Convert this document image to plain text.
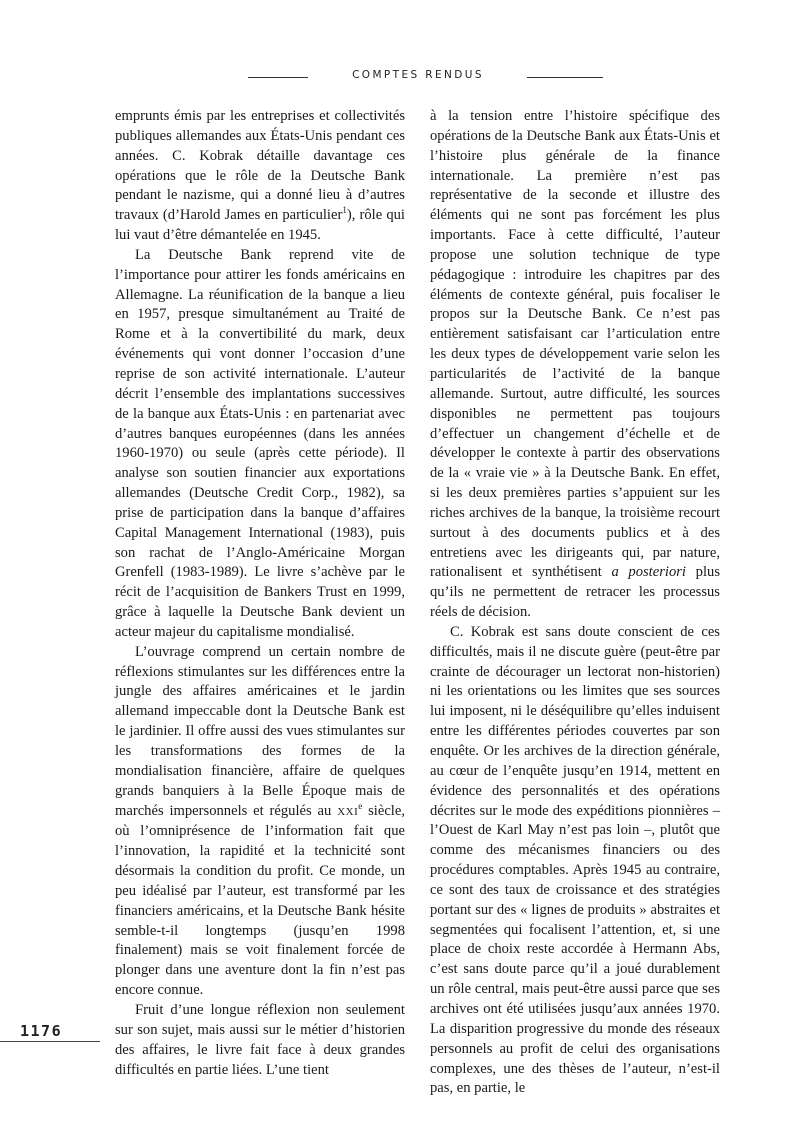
COMPTES RENDUS

emprunts émis par les entreprises et collectivités publiques allemandes aux États-Unis pendant ces années. C. Kobrak détaille davantage ces opérations que le rôle de la Deutsche Bank pendant le nazisme, qui a donné lieu à d’autres travaux (d’Harold James en particulier$^1$), rôle qui lui vaut d’être démantelée en 1945.

La Deutsche Bank reprend vite de l’importance pour attirer les fonds américains en Allemagne. La réunification de la banque a lieu en 1957, presque simultanément au Traité de Rome et à la convertibilité du mark, deux événements qui vont donner l’occasion d’une reprise de son activité internationale. L’auteur décrit l’ensemble des implantations successives de la banque aux États-Unis : en partenariat avec d’autres banques européennes (dans les années 1960-1970) ou seule (après cette période). Il analyse son soutien financier aux exportations allemandes (Deutsche Credit Corp., 1982), sa prise de participation dans la banque d’affaires Capital Management International (1983), puis son rachat de l’Anglo-Américaine Morgan Grenfell (1983-1989). Le livre s’achève par le récit de l’acquisition de Bankers Trust en 1999, grâce à laquelle la Deutsche Bank devient un acteur majeur du capitalisme mondialisé.

L’ouvrage comprend un certain nombre de réflexions stimulantes sur les différences entre la jungle des affaires américaines et le jardin allemand impeccable dont la Deutsche Bank est le jardinier. Il offre aussi des vues stimulantes sur les transformations des formes de la mondialisation financière, affaire de quelques grands banquiers à la Belle Époque mais de marchés impersonnels et régulés au XXIe siècle, où l’omniprésence de l’information fait que l’innovation, la rapidité et la technicité sont désormais la condition du profit. Ce monde, un peu idéalisé par l’auteur, est transformé par les financiers américains, et la Deutsche Bank hésite semble-t-il longtemps (jusqu’en 1998 finalement) mais se voit finalement forcée de plonger dans une aventure dont la fin n’est pas encore connue.

Fruit d’une longue réflexion non seulement sur son sujet, mais aussi sur le métier d’historien des affaires, le livre fait face à deux grandes difficultés en partie liées. L’une tient

à la tension entre l’histoire spécifique des opérations de la Deutsche Bank aux États-Unis et l’histoire plus générale de la finance internationale. La première n’est pas représentative de la seconde et illustre des éléments qui ne sont pas forcément les plus importants. Face à cette difficulté, l’auteur propose une solution technique de type pédagogique : introduire les chapitres par des éléments de contexte général, puis focaliser le propos sur la Deutsche Bank. Ce n’est pas entièrement satisfaisant car l’articulation entre les deux types de développement varie selon les particularités de l’activité de la banque allemande. Surtout, autre difficulté, les sources disponibles ne permettent pas toujours d’effectuer un changement d’échelle et de développer le contexte à partir des observations de la « vraie vie » à la Deutsche Bank. En effet, si les deux premières parties s’appuient sur les riches archives de la banque, la troisième recourt surtout à des documents publics et à des entretiens avec les dirigeants qui, par nature, rationalisent et synthétisent a posteriori plus qu’ils ne permettent de retracer les processus réels de décision.

C. Kobrak est sans doute conscient de ces difficultés, mais il ne discute guère (peut-être par crainte de décourager un lectorat non-historien) ni les orientations ou les limites que ses sources lui imposent, ni le déséquilibre qu’elles induisent entre les différentes périodes couvertes par son enquête. Or les archives de la direction générale, au cœur de l’enquête jusqu’en 1914, mettent en évidence des personnalités et des opérations décrites sur le mode des expéditions pionnières – l’Ouest de Karl May n’est pas loin –, plutôt que comme des mécanismes financiers ou des procédures comptables. Après 1945 au contraire, ce sont des taux de croissance et des stratégies portant sur des « lignes de produits » abstraites et segmentées qui focalisent l’attention, et, si une place de choix reste accordée à Hermann Abs, c’est sans doute parce qu’il a joué durablement un rôle central, mais peut-être aussi parce que ses archives ont été utilisées jusqu’aux années 1970. La disparition progressive du monde des réseaux personnels au profit de celui des organisations complexes, une des thèses de l’auteur, n’est-il pas, en partie, le

1176
